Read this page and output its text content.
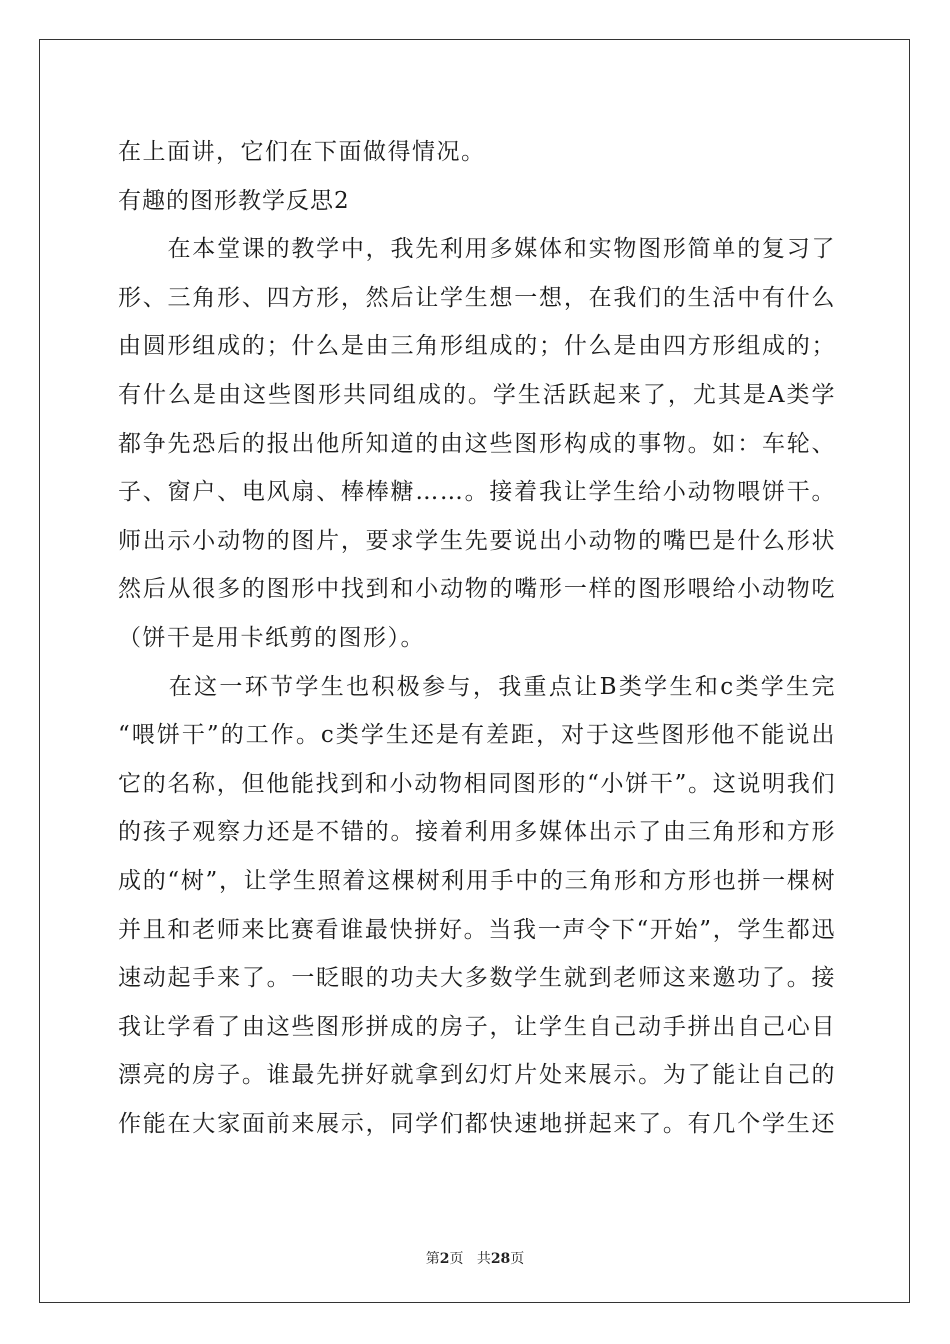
在上面讲，它们在下面做得情况。
有趣的图形教学反思2
　　在本堂课的教学中，我先利用多媒体和实物图形简单的复习了
形、三角形、四方形，然后让学生想一想，在我们的生活中有什么
由圆形组成的；什么是由三角形组成的；什么是由四方形组成的；
有什么是由这些图形共同组成的。学生活跃起来了，尤其是A类学
都争先恐后的报出他所知道的由这些图形构成的事物。如：车轮、
子、窗户、电风扇、棒棒糖……。接着我让学生给小动物喂饼干。
师出示小动物的图片，要求学生先要说出小动物的嘴巴是什么形状
然后从很多的图形中找到和小动物的嘴形一样的图形喂给小动物吃
（饼干是用卡纸剪的图形）。
　　在这一环节学生也积极参与，我重点让B类学生和c类学生完
“喂饼干”的工作。c类学生还是有差距，对于这些图形他不能说出
它的名称，但他能找到和小动物相同图形的“小饼干”。这说明我们
的孩子观察力还是不错的。接着利用多媒体出示了由三角形和方形
成的“树”，让学生照着这棵树利用手中的三角形和方形也拼一棵树
并且和老师来比赛看谁最快拼好。当我一声令下“开始”，学生都迅
速动起手来了。一眨眼的功夫大多数学生就到老师这来邀功了。接
我让学看了由这些图形拼成的房子，让学生自己动手拼出自己心目
漂亮的房子。谁最先拼好就拿到幻灯片处来展示。为了能让自己的
作能在大家面前来展示，同学们都快速地拼起来了。有几个学生还
第2页 共28页
